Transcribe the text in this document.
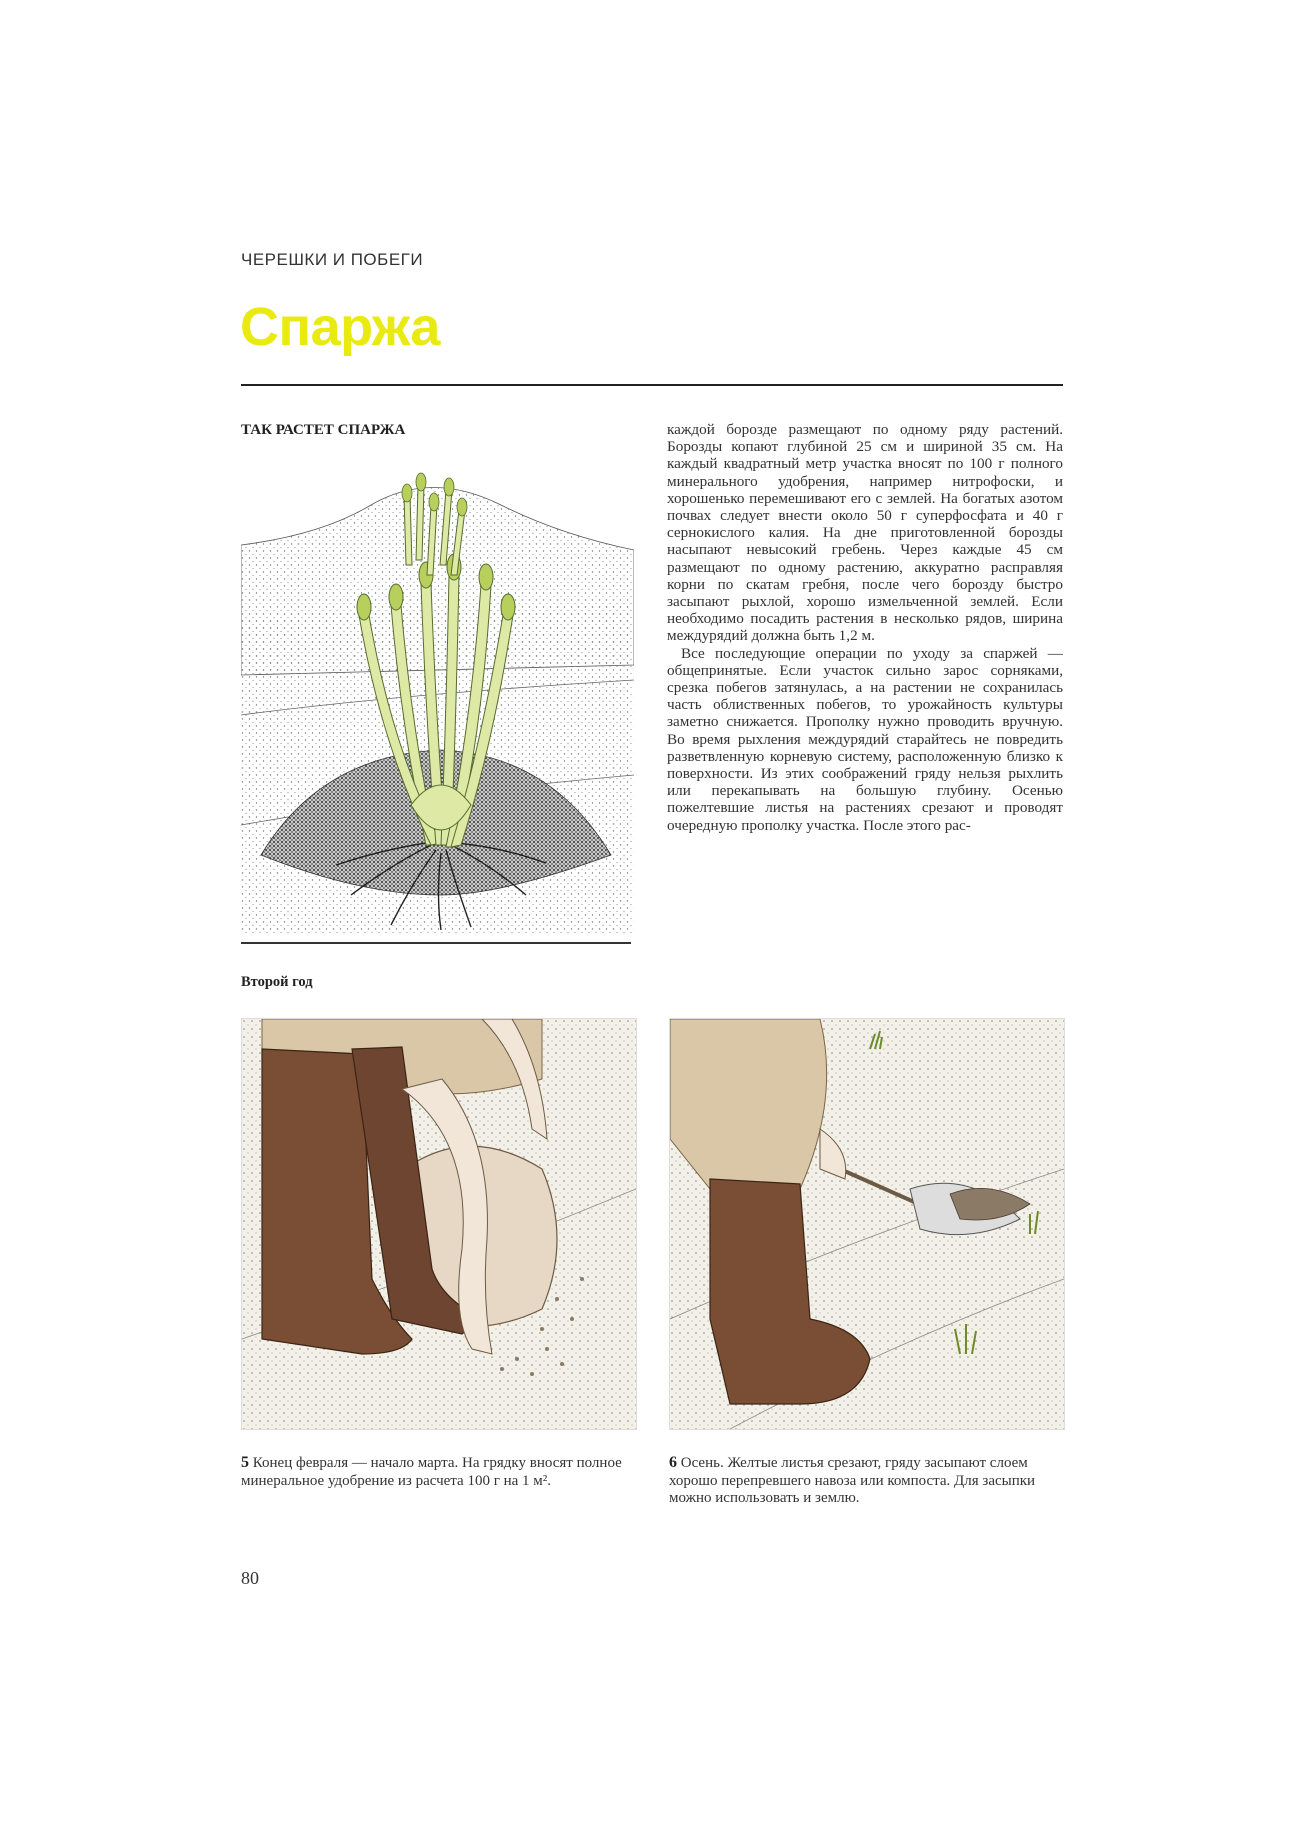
ЧЕРЕШКИ И ПОБЕГИ
Спаржа
ТАК РАСТЕТ СПАРЖА	каждой борозде размещают по одному ряду растений. Борозды копают глубиной 25 см и шириной 35 см. На каждый квадратный метр участка вносят по 100 г полного минерального удобрения, например нитрофоски, и хорошенько перемешивают его с землей. На богатых азотом почвах следует внести около 50 г суперфосфата и 40 г сернокислого калия. На дне приготовленной борозды насыпают невысокий гребень. Через каждые 45 см размещают по одному растению, аккуратно расправляя корни по скатам гребня, после чего борозду быстро засыпают рыхлой, хорошо измельченной землей. Если необходимо посадить растения в несколько рядов, ширина междурядий должна быть 1,2 м.

Все последующие операции по уходу за спаржей — общепринятые. Если участок сильно зарос сорняками, срезка побегов затянулась, а на растении не сохранилась часть облиственных побегов, то урожайность культуры заметно снижается. Прополку нужно проводить вручную. Во время рыхления междурядий старайтесь не повредить разветвленную корневую систему, расположенную близко к поверхности. Из этих соображений гряду нельзя рыхлить или перекапывать на большую глубину. Осенью пожелтевшие листья на растениях срезают и проводят очередную прополку участка. После этого рас-

Второй год
5 Конец февраля — начало марта. На грядку вносят полное минеральное удобрение из расчета 100 г на 1 м².
6 Осень. Желтые листья срезают, гряду засыпают слоем хорошо перепревшего навоза или компоста. Для засыпки можно использовать и землю.
80
